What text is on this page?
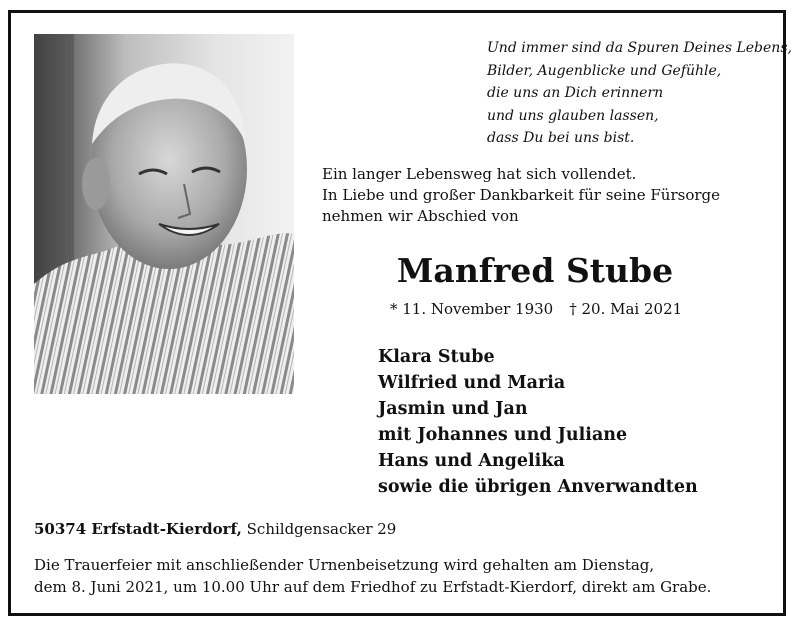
Und immer sind da Spuren Deines Lebens,
Bilder, Augenblicke und Gefühle,
die uns an Dich erinnern
und uns glauben lassen,
dass Du bei uns bist.
Ein langer Lebensweg hat sich vollendet.
In Liebe und großer Dankbarkeit für seine Fürsorge
nehmen wir Abschied von
Manfred Stube
* 11. November 1930 † 20. Mai 2021
Klara Stube
Wilfried und Maria
Jasmin und Jan
mit Johannes und Juliane
Hans und Angelika
sowie die übrigen Anverwandten
50374 Erfstadt-Kierdorf, Schildgensacker 29
Die Trauerfeier mit anschließender Urnenbeisetzung wird gehalten am Dienstag,
dem 8. Juni 2021, um 10.00 Uhr auf dem Friedhof zu Erfstadt-Kierdorf, direkt am Grabe.
